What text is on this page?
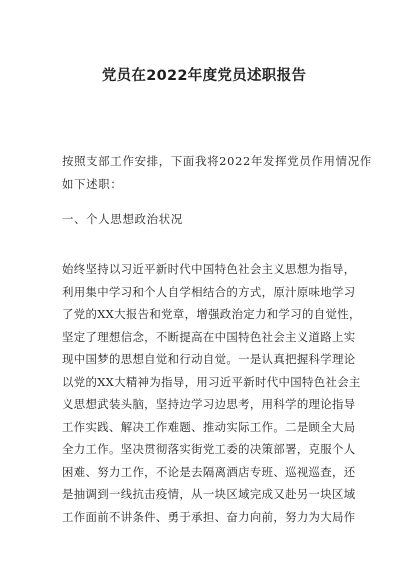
党员在2022年度党员述职报告
按照支部工作安排，下面我将2022年发挥党员作用情况作
如下述职：
一、个人思想政治状况
始终坚持以习近平新时代中国特色社会主义思想为指导，
利用集中学习和个人自学相结合的方式，原汁原味地学习
了党的XX大报告和党章，增强政治定力和学习的自觉性，
坚定了理想信念，不断提高在中国特色社会主义道路上实
现中国梦的思想自觉和行动自觉。一是认真把握科学理论
以党的XX大精神为指导，用习近平新时代中国特色社会主
义思想武装头脑，坚持边学习边思考，用科学的理论指导
工作实践、解决工作难题、推动实际工作。二是顾全大局
全力工作。坚决贯彻落实街党工委的决策部署，克服个人
困难、努力工作，不论是去隔离酒店专班、巡视巡查，还
是抽调到一线抗击疫情，从一块区域完成又赴另一块区域
工作面前不讲条件、勇于承担、奋力向前，努力为大局作
